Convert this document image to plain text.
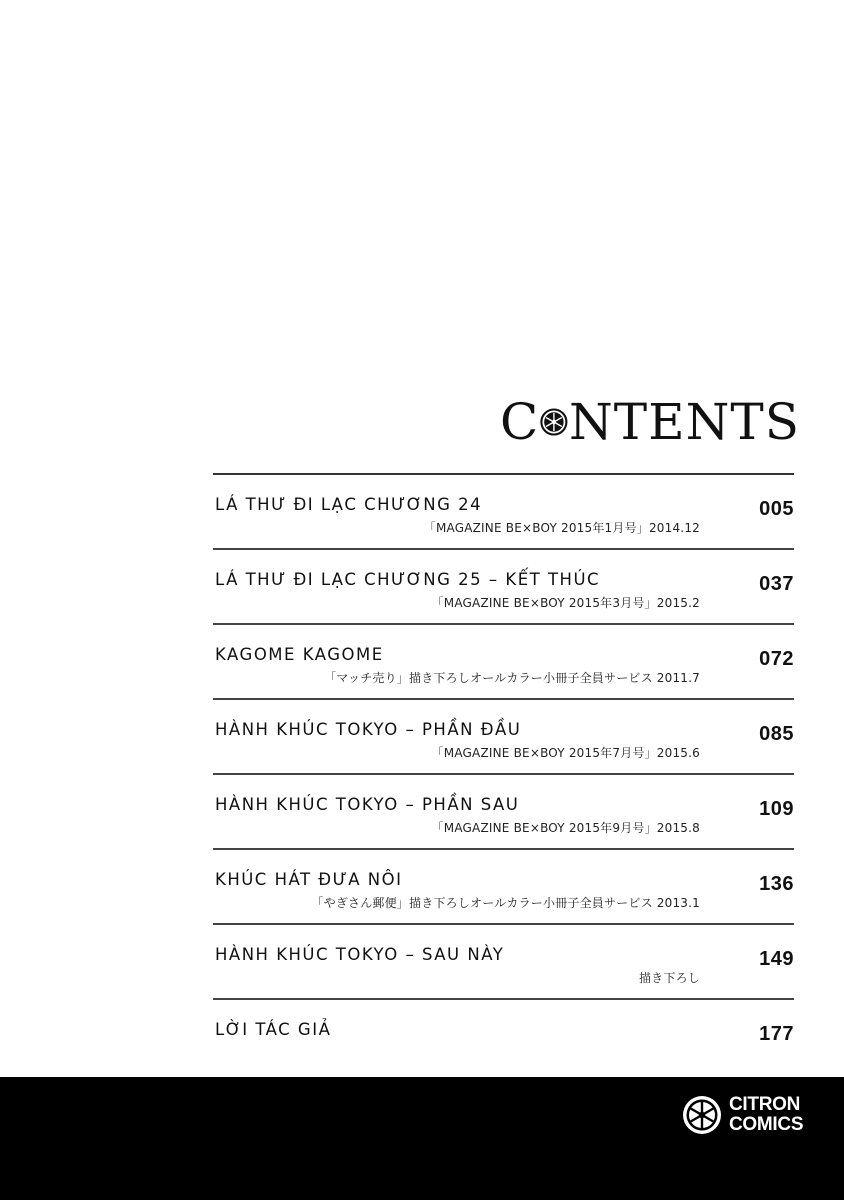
C NTENTS
LÁ THƯ ĐI LẠC CHƯƠNG 24
「MAGAZINE BE×BOY 2015年1月号」2014.12
005
LÁ THƯ ĐI LẠC CHƯƠNG 25 – KẾT THÚC
「MAGAZINE BE×BOY 2015年3月号」2015.2
037
KAGOME KAGOME
「マッチ売り」描き下ろしオールカラー小冊子全員サービス 2011.7
072
HÀNH KHÚC TOKYO – PHẦN ĐẦU
「MAGAZINE BE×BOY 2015年7月号」2015.6
085
HÀNH KHÚC TOKYO – PHẦN SAU
「MAGAZINE BE×BOY 2015年9月号」2015.8
109
KHÚC HÁT ĐƯA NÔI
「やぎさん郵便」描き下ろしオールカラー小冊子全員サービス 2013.1
136
HÀNH KHÚC TOKYO – SAU NÀY
描き下ろし
149
LỜI TÁC GIẢ	177
CITRON
COMICS
